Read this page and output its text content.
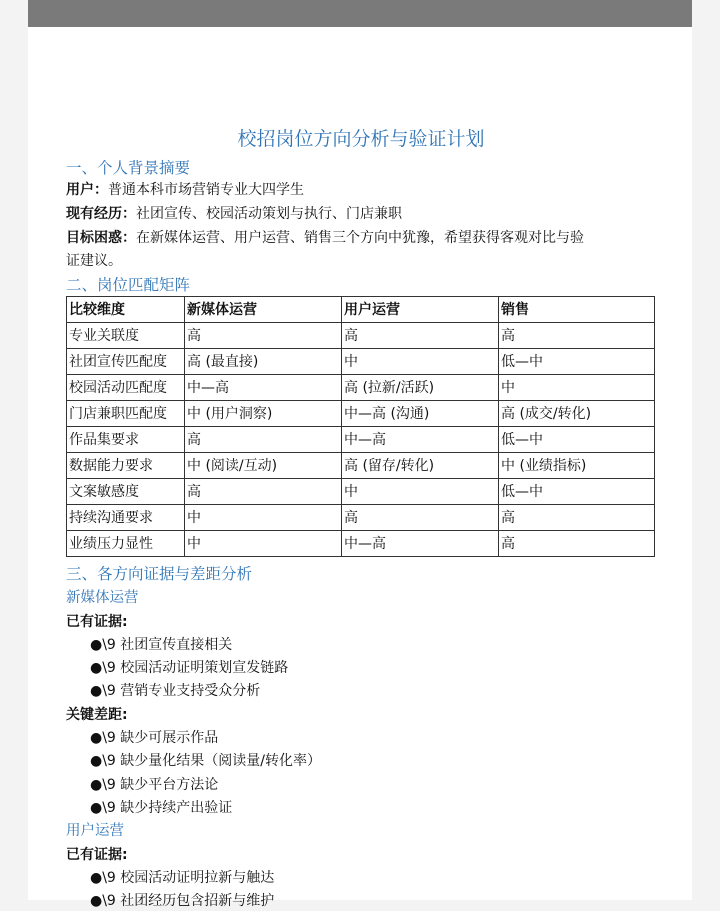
校招岗位方向分析与验证计划
一、个人背景摘要

用户：普通本科市场营销专业大四学生

现有经历：社团宣传、校园活动策划与执行、门店兼职

目标困惑：在新媒体运营、用户运营、销售三个方向中犹豫，希望获得客观对比与验

证建议。

二、岗位匹配矩阵
比较维度	新媒体运营	用户运营	销售
专业关联度	高	高	高
社团宣传匹配度	高 (最直接)	中	低—中
校园活动匹配度	中—高	高 (拉新/活跃)	中
门店兼职匹配度	中 (用户洞察)	中—高 (沟通)	高 (成交/转化)
作品集要求	高	中—高	低—中
数据能力要求	中 (阅读/互动)	高 (留存/转化)	中 (业绩指标)
文案敏感度	高	中	低—中
持续沟通要求	中	高	高
业绩压力显性	中	中—高	高
三、各方向证据与差距分析
新媒体运营
已有证据:
●\9 社团宣传直接相关
●\9 校园活动证明策划宣发链路
●\9 营销专业支持受众分析
关键差距:
●\9 缺少可展示作品
●\9 缺少量化结果（阅读量/转化率）
●\9 缺少平台方法论
●\9 缺少持续产出验证
用户运营
已有证据:
●\9 校园活动证明拉新与触达
●\9 社团经历包含招新与维护
